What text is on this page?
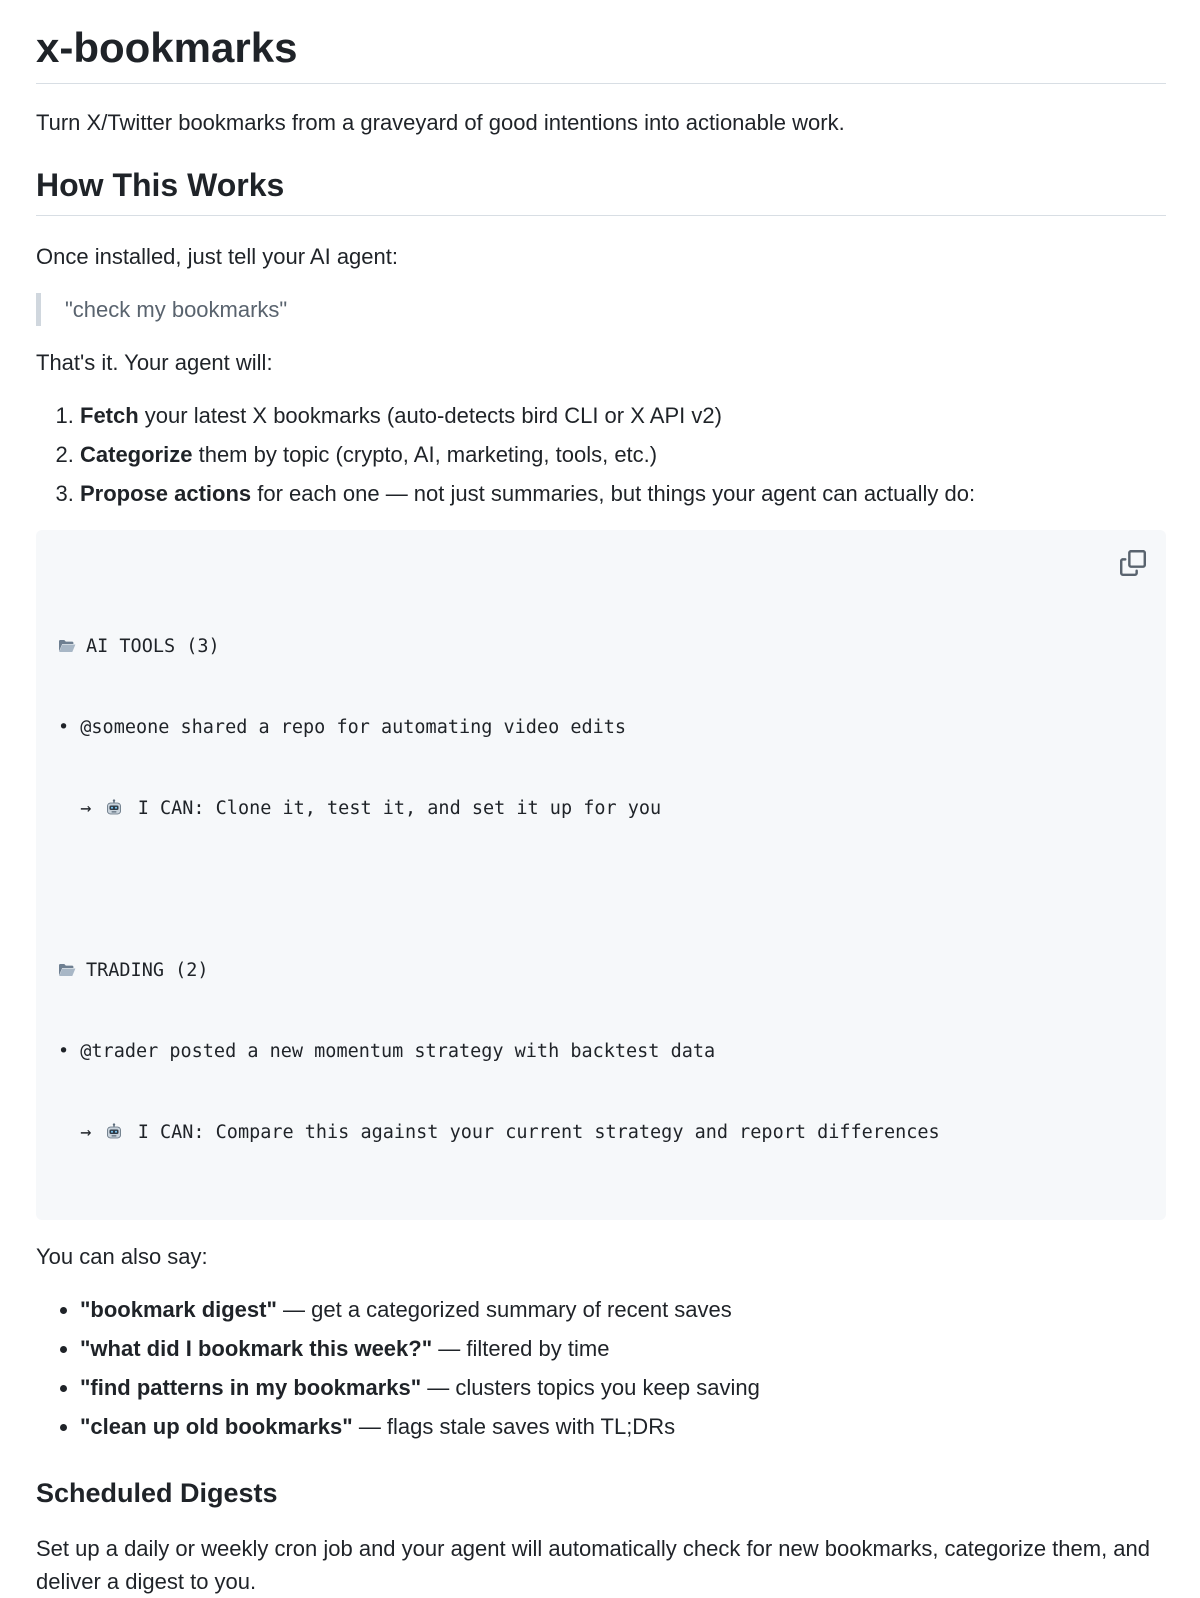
x-bookmarks

Turn X/Twitter bookmarks from a graveyard of good intentions into actionable work.

How This Works

Once installed, just tell your AI agent:

"check my bookmarks"

That's it. Your agent will:

1. Fetch your latest X bookmarks (auto-detects bird CLI or X API v2)
2. Categorize them by topic (crypto, AI, marketing, tools, etc.)
3. Propose actions for each one — not just summaries, but things your agent can actually do:

AI TOOLS (3)

• @someone shared a repo for automating video edits

→  I CAN: Clone it, test it, and set it up for you

TRADING (2)

• @trader posted a new momentum strategy with backtest data

→  I CAN: Compare this against your current strategy and report differences

You can also say:

• "bookmark digest" — get a categorized summary of recent saves
• "what did I bookmark this week?" — filtered by time
• "find patterns in my bookmarks" — clusters topics you keep saving
• "clean up old bookmarks" — flags stale saves with TL;DRs
Scheduled Digests

Set up a daily or weekly cron job and your agent will automatically check for new bookmarks, categorize them, and deliver a digest to you.
